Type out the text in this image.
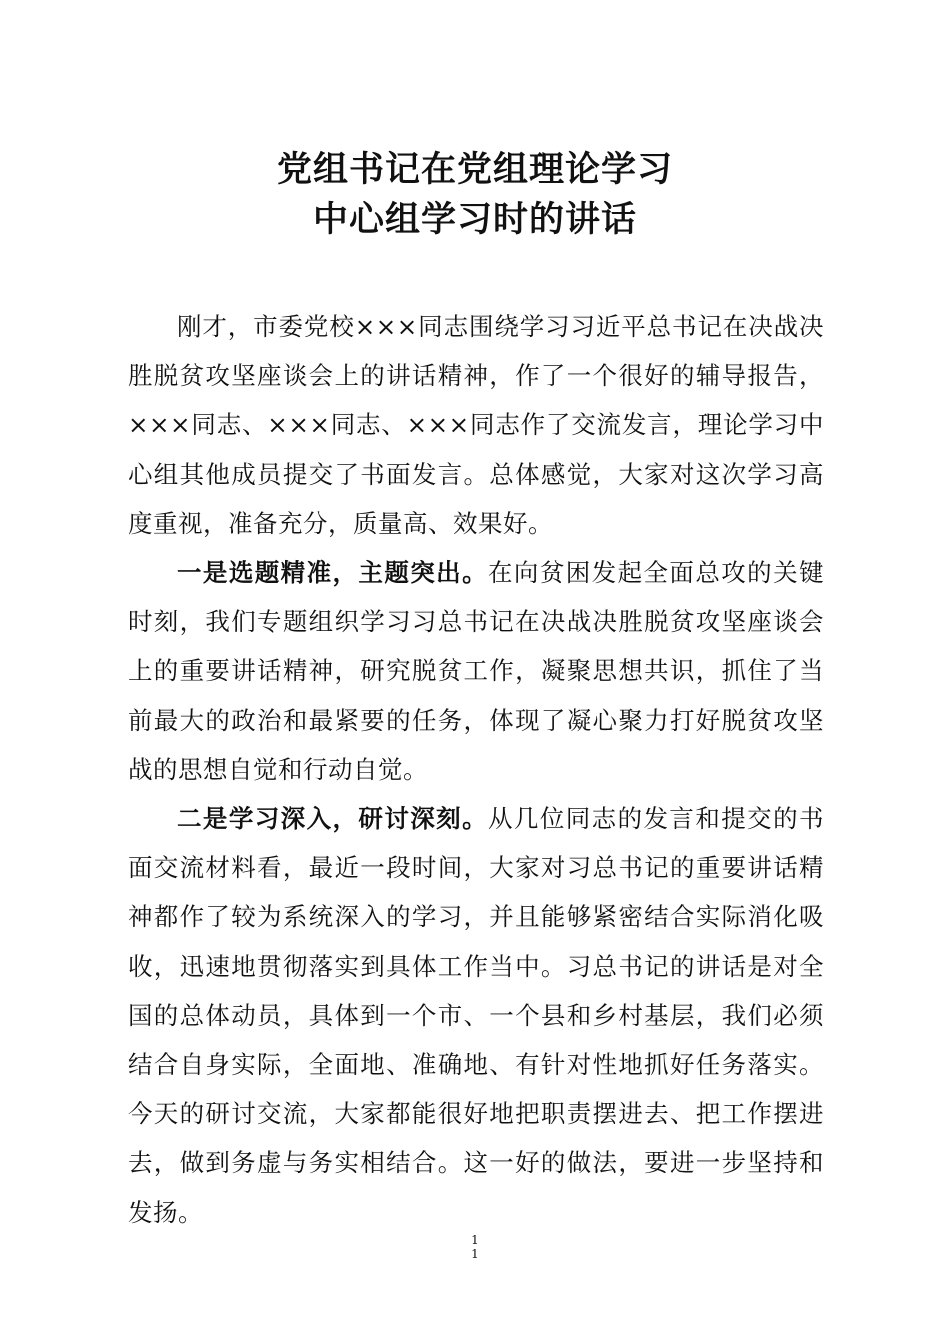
党组书记在党组理论学习
中心组学习时的讲话

刚才，市委党校×××同志围绕学习习近平总书记在决战决胜脱贫攻坚座谈会上的讲话精神，作了一个很好的辅导报告，×××同志、×××同志、×××同志作了交流发言，理论学习中心组其他成员提交了书面发言。总体感觉，大家对这次学习高度重视，准备充分，质量高、效果好。

一是选题精准，主题突出。在向贫困发起全面总攻的关键时刻，我们专题组织学习习总书记在决战决胜脱贫攻坚座谈会上的重要讲话精神，研究脱贫工作，凝聚思想共识，抓住了当前最大的政治和最紧要的任务，体现了凝心聚力打好脱贫攻坚战的思想自觉和行动自觉。

二是学习深入，研讨深刻。从几位同志的发言和提交的书面交流材料看，最近一段时间，大家对习总书记的重要讲话精神都作了较为系统深入的学习，并且能够紧密结合实际消化吸收，迅速地贯彻落实到具体工作当中。习总书记的讲话是对全国的总体动员，具体到一个市、一个县和乡村基层，我们必须结合自身实际，全面地、准确地、有针对性地抓好任务落实。今天的研讨交流，大家都能很好地把职责摆进去、把工作摆进去，做到务虚与务实相结合。这一好的做法，要进一步坚持和发扬。

1
1
